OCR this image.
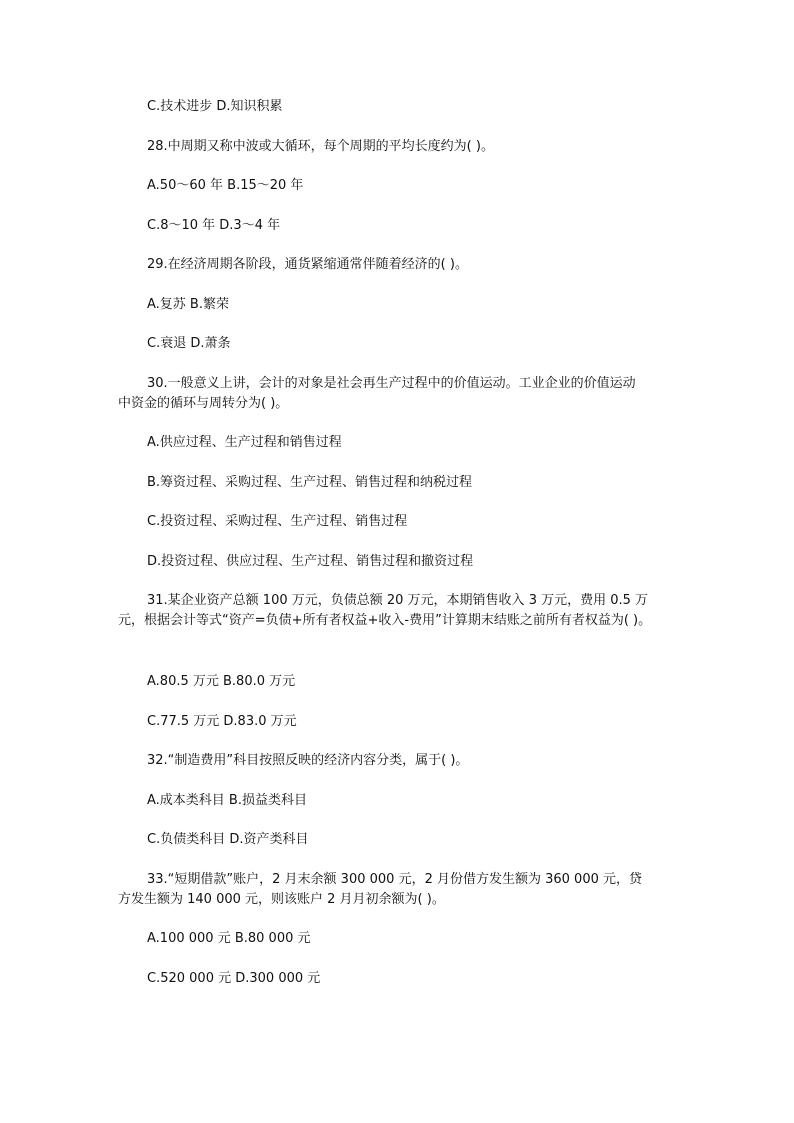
C.技术进步 D.知识积累

28.中周期又称中波或大循环，每个周期的平均长度约为( )。

A.50～60 年 B.15～20 年

C.8～10 年 D.3～4 年

29.在经济周期各阶段，通货紧缩通常伴随着经济的( )。

A.复苏 B.繁荣

C.衰退 D.萧条

30.一般意义上讲，会计的对象是社会再生产过程中的价值运动。工业企业的价值运动
中资金的循环与周转分为( )。

A.供应过程、生产过程和销售过程

B.筹资过程、采购过程、生产过程、销售过程和纳税过程

C.投资过程、采购过程、生产过程、销售过程

D.投资过程、供应过程、生产过程、销售过程和撤资过程

31.某企业资产总额 100 万元，负债总额 20 万元，本期销售收入 3 万元，费用 0.5 万
元，根据会计等式“资产=负债+所有者权益+收入-费用”计算期末结账之前所有者权益为( )。

A.80.5 万元 B.80.0 万元

C.77.5 万元 D.83.0 万元

32.“制造费用”科目按照反映的经济内容分类，属于( )。

A.成本类科目 B.损益类科目

C.负债类科目 D.资产类科目

33.“短期借款”账户，2 月末余额 300 000 元，2 月份借方发生额为 360 000 元，贷
方发生额为 140 000 元，则该账户 2 月月初余额为( )。

A.100 000 元 B.80 000 元

C.520 000 元 D.300 000 元
